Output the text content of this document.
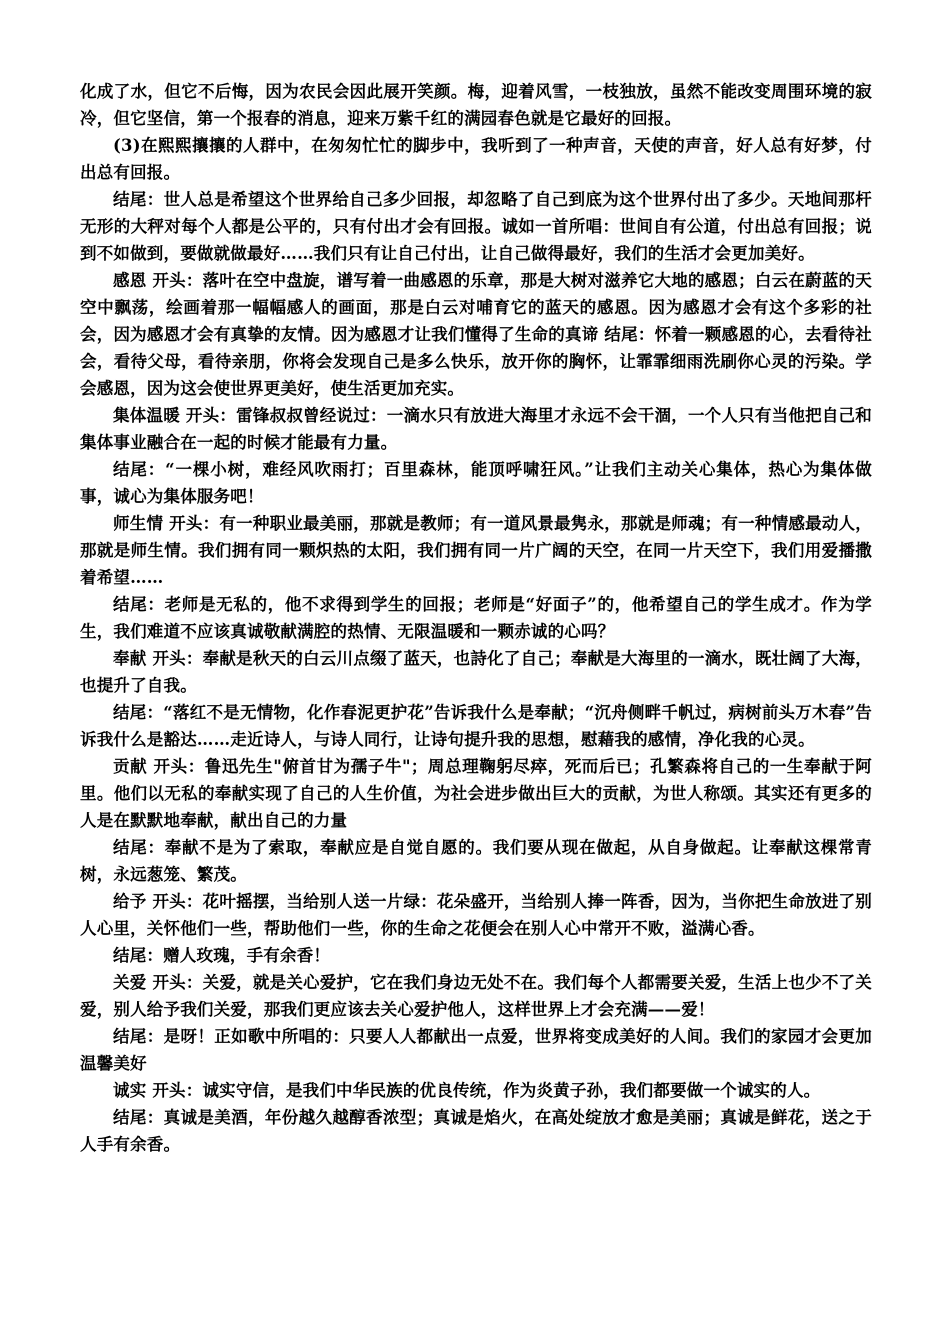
化成了水，但它不后悔，因为农民会因此展开笑颜。梅，迎着风雪，一枝独放，虽然不能改变周围环境的寂冷，但它坚信，第一个报春的消息，迎来万紫千红的满园春色就是它最好的回报。

(3)在熙熙攘攘的人群中，在匆匆忙忙的脚步中，我听到了一种声音，天使的声音，好人总有好梦，付出总有回报。

结尾：世人总是希望这个世界给自己多少回报，却忽略了自己到底为这个世界付出了多少。天地间那杆无形的大秤对每个人都是公平的，只有付出才会有回报。诚如一首所唱：世间自有公道，付出总有回报；说到不如做到，要做就做最好……我们只有让自己付出，让自己做得最好，我们的生活才会更加美好。

感恩 开头：落叶在空中盘旋，谱写着一曲感恩的乐章，那是大树对滋养它大地的感恩；白云在蔚蓝的天空中飘荡，绘画着那一幅幅感人的画面，那是白云对哺育它的蓝天的感恩。因为感恩才会有这个多彩的社会，因为感恩才会有真挚的友情。因为感恩才让我们懂得了生命的真谛 结尾：怀着一颗感恩的心，去看待社会，看待父母，看待亲朋，你将会发现自己是多么快乐，放开你的胸怀，让霏霏细雨洗刷你心灵的污染。学会感恩，因为这会使世界更美好，使生活更加充实。

集体温暖 开头：雷锋叔叔曾经说过：一滴水只有放进大海里才永远不会干涸，一个人只有当他把自己和集体事业融合在一起的时候才能最有力量。

结尾：“一棵小树，难经风吹雨打；百里森林，能顶呼啸狂风。”让我们主动关心集体，热心为集体做事，诚心为集体服务吧！

师生情 开头：有一种职业最美丽，那就是教师；有一道风景最隽永，那就是师魂；有一种情感最动人，那就是师生情。我们拥有同一颗炽热的太阳，我们拥有同一片广阔的天空，在同一片天空下，我们用爱播撒着希望……

结尾：老师是无私的，他不求得到学生的回报；老师是“好面子”的，他希望自己的学生成才。作为学生，我们难道不应该真诚敬献满腔的热情、无限温暖和一颗赤诚的心吗？

奉献 开头：奉献是秋天的白云川点缀了蓝天，也詩化了自己；奉献是大海里的一滴水，既壮阔了大海，也提升了自我。

结尾：“落红不是无情物，化作春泥更护花”告诉我什么是奉献；“沉舟侧畔千帆过，病树前头万木春”告诉我什么是豁达……走近诗人，与诗人同行，让诗句提升我的思想，慰藉我的感情，净化我的心灵。

贡献 开头：鲁迅先生"俯首甘为孺子牛"；周总理鞠躬尽瘁，死而后已；孔繁森将自己的一生奉献于阿里。他们以无私的奉献实现了自己的人生价值，为社会进步做出巨大的贡献，为世人称颂。其实还有更多的人是在默默地奉献，献出自己的力量

结尾：奉献不是为了索取，奉献应是自觉自愿的。我们要从现在做起，从自身做起。让奉献这棵常青树，永远葱笼、繁茂。

给予 开头：花叶摇摆，当给别人送一片绿：花朵盛开，当给别人捧一阵香，因为，当你把生命放进了别人心里，关怀他们一些，帮助他们一些，你的生命之花便会在别人心中常开不败，溢满心香。

结尾：赠人玫瑰，手有余香！

关爱 开头：关爱，就是关心爱护，它在我们身边无处不在。我们每个人都需要关爱，生活上也少不了关爱，别人给予我们关爱，那我们更应该去关心爱护他人，这样世界上才会充满——爱！

结尾：是呀！正如歌中所唱的：只要人人都献出一点爱，世界将变成美好的人间。我们的家园才会更加温馨美好

诚实 开头：诚实守信，是我们中华民族的优良传统，作为炎黄子孙，我们都要做一个诚实的人。

结尾：真诚是美酒，年份越久越醇香浓型；真诚是焰火，在高处绽放才愈是美丽；真诚是鲜花，送之于人手有余香。
